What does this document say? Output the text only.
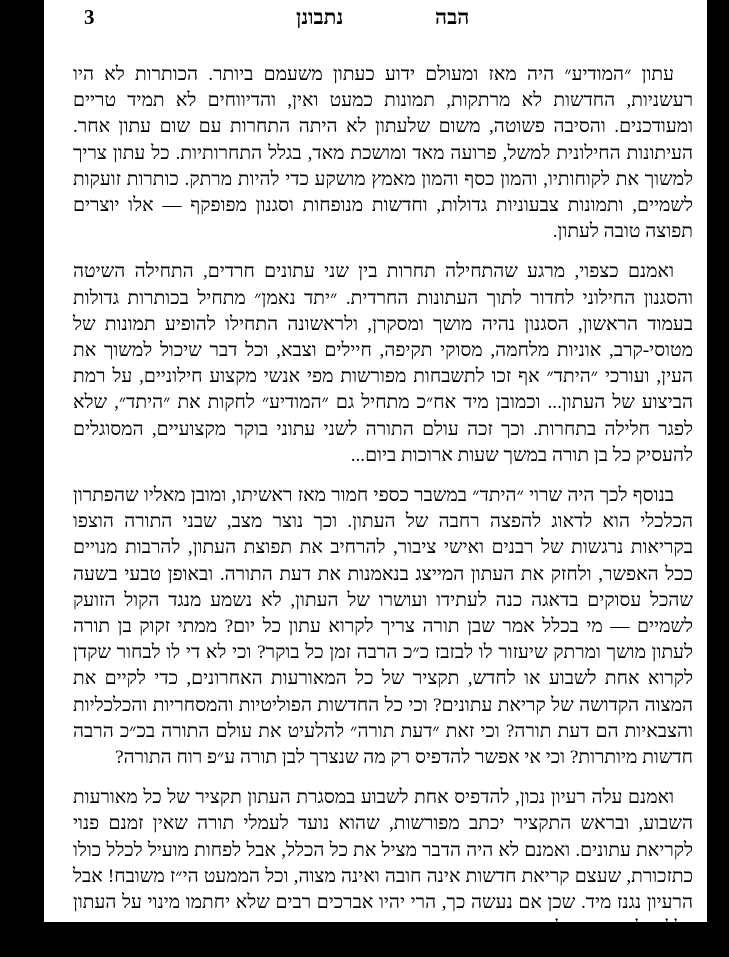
3	נתבונן	הבה

עתון ״המודיע״ היה מאז ומעולם ידוע כעתון משעמם ביותר. הכותרות לא היו רעשניות, החדשות לא מרתקות, תמונות כמעט ואין, והדיווחים לא תמיד טריים ומעודכנים. והסיבה פשוטה, משום שלעתון לא היתה התחרות עם שום עתון אחר. העיתונות החילונית למשל, פרועה מאד ומושכת מאד, בגלל התחרותיות. כל עתון צריך למשוך את לקוחותיו, והמון כסף והמון מאמץ מושקע כדי להיות מרתק. כותרות זועקות לשמיים, ותמונות צבעוניות גדולות, וחדשות מנופחות וסגנון מפופקף — אלו יוצרים תפוצה טובה לעתון.

ואמנם כצפוי, מרגע שהתחילה תחרות בין שני עתונים חרדים, התחילה השיטה והסגנון החילוני לחדור לתוך העתונות החרדית. ״יתד נאמן״ מתחיל בכותרות גדולות בעמוד הראשון, הסגנון נהיה מושך ומסקרן, ולראשונה התחילו להופיע תמונות של מטוסי-קרב, אוניות מלחמה, מסוקי תקיפה, חיילים וצבא, וכל דבר שיכול למשוך את העין, ועורכי ״היתד״ אף זכו לתשבחות מפורשות מפי אנשי מקצוע חילוניים, על רמת הביצוע של העתון... וכמובן מיד אח״כ מתחיל גם ״המודיע״ לחקות את ״היתד״, שלא לפגר חלילה בתחרות. וכך זכה עולם התורה לשני עתוני בוקר מקצועיים, המסוגלים להעסיק כל בן תורה במשך שעות ארוכות ביום...

בנוסף לכך היה שרוי ״היתד״ במשבר כספי חמור מאז ראשיתו, ומובן מאליו שהפתרון הכלכלי הוא לדאוג להפצה רחבה של העתון. וכך נוצר מצב, שבני התורה הוצפו בקריאות נרגשות של רבנים ואישי ציבור, להרחיב את תפוצת העתון, להרבות מנויים ככל האפשר, ולחזק את העתון המייצג בנאמנות את דעת התורה. ובאופן טבעי בשעה שהכל עסוקים בדאגה כנה לעתידו ועושרו של העתון, לא נשמע מנגד הקול הזועק לשמיים — מי בכלל אמר שבן תורה צריך לקרוא עתון כל יום? ממתי זקוק בן תורה לעתון מושך ומרתק שיעזור לו לבזבז כ״כ הרבה זמן כל בוקר? וכי לא די לו לבחור שקדן לקרוא אחת לשבוע או לחדש, תקציר של כל המאורעות האחרונים, כדי לקיים את המצוה הקדושה של קריאת עתונים? וכי כל החדשות הפוליטיות והמסחריות והכלכליות והצבאיות הם דעת תורה? וכי זאת ״דעת תורה״ להלעיט את עולם התורה בכ״כ הרבה חדשות מיותרות? וכי אי אפשר להדפיס רק מה שנצרך לבן תורה ע״פ רוח התורה?

ואמנם עלה רעיון נכון, להדפיס אחת לשבוע במסגרת העתון תקציר של כל מאורעות השבוע, ובראש התקציר יכתב מפורשות, שהוא נועד לעמלי תורה שאין זמנם פנוי לקריאת עתונים. ואמנם לא היה הדבר מציל את כל הכלל, אבל לפחות מועיל לכלל כולו כתזכורת, שעצם קריאת חדשות אינה חובה ואינה מצוה, וכל הממעט הי״ז משובח! אבל הרעיון נגנז מיד. שכן אם נעשה כך, הרי יהיו אברכים רבים שלא יחתמו מינוי על העתון כלל, אלא רק ישאלו
